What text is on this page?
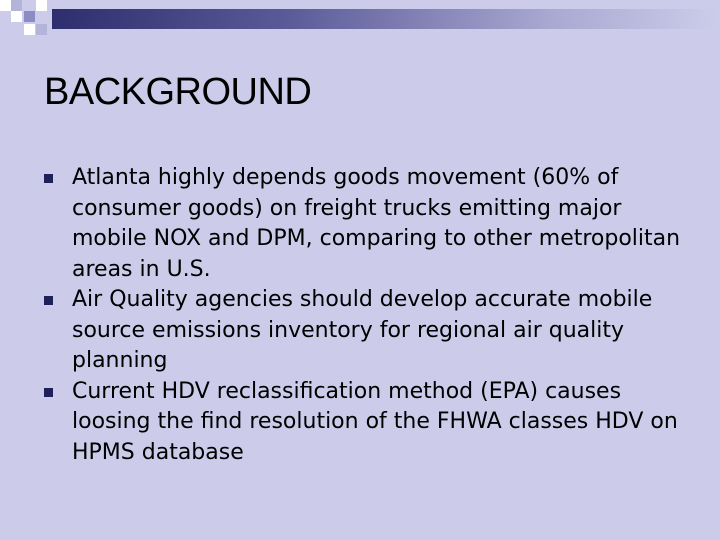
BACKGROUND
Atlanta highly depends goods movement (60% of consumer goods) on freight trucks emitting major mobile NOX and DPM, comparing to other metropolitan areas in U.S.
Air Quality agencies should develop accurate mobile source emissions inventory for regional air quality planning
Current HDV reclassification method (EPA) causes loosing the find resolution of the FHWA classes HDV on HPMS database
